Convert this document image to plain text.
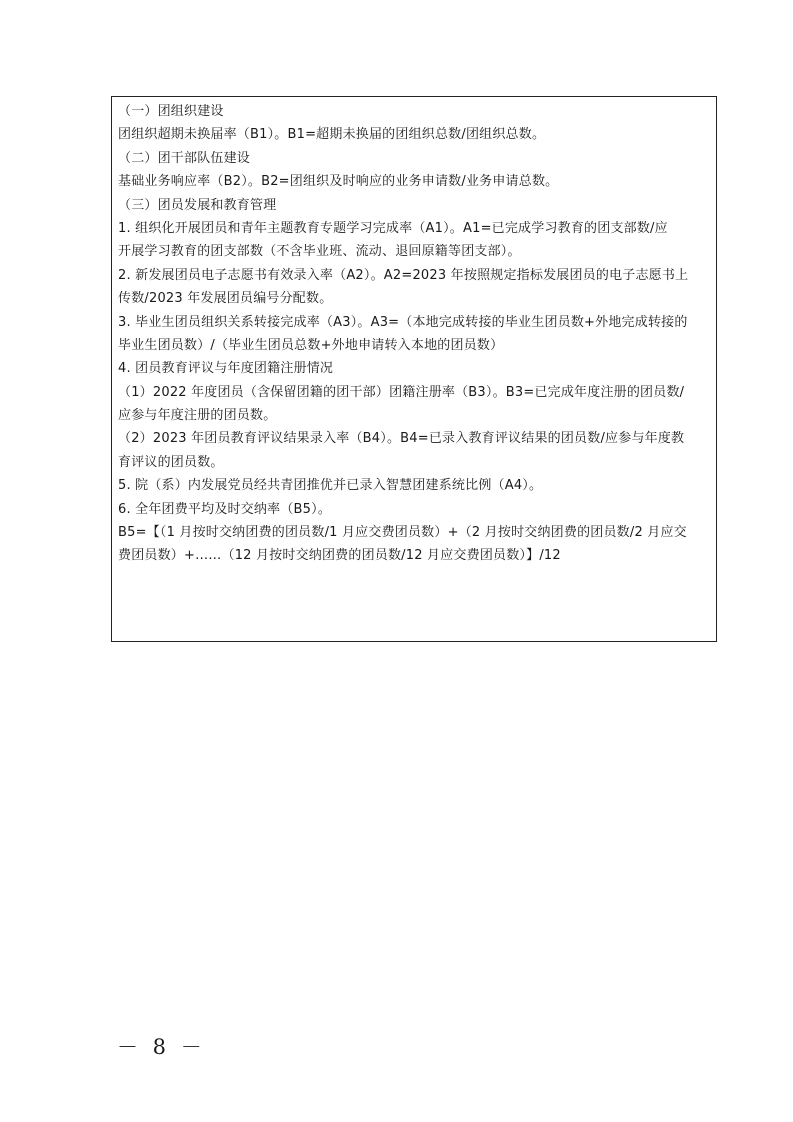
（一）团组织建设
团组织超期未换届率（B1）。B1=超期未换届的团组织总数/团组织总数。
（二）团干部队伍建设
基础业务响应率（B2）。B2=团组织及时响应的业务申请数/业务申请总数。
（三）团员发展和教育管理
1. 组织化开展团员和青年主题教育专题学习完成率（A1）。A1=已完成学习教育的团支部数/应
开展学习教育的团支部数（不含毕业班、流动、退回原籍等团支部）。
2. 新发展团员电子志愿书有效录入率（A2）。A2=2023 年按照规定指标发展团员的电子志愿书上
传数/2023 年发展团员编号分配数。
3. 毕业生团员组织关系转接完成率（A3）。A3=（本地完成转接的毕业生团员数+外地完成转接的
毕业生团员数）/（毕业生团员总数+外地申请转入本地的团员数）
4. 团员教育评议与年度团籍注册情况
（1）2022 年度团员（含保留团籍的团干部）团籍注册率（B3）。B3=已完成年度注册的团员数/
应参与年度注册的团员数。
（2）2023 年团员教育评议结果录入率（B4）。B4=已录入教育评议结果的团员数/应参与年度教
育评议的团员数。
5. 院（系）内发展党员经共青团推优并已录入智慧团建系统比例（A4）。
6. 全年团费平均及时交纳率（B5）。
B5=【（1 月按时交纳团费的团员数/1 月应交费团员数）+（2 月按时交纳团费的团员数/2 月应交
费团员数）+……（12 月按时交纳团费的团员数/12 月应交费团员数）】/12
－ 8 －
